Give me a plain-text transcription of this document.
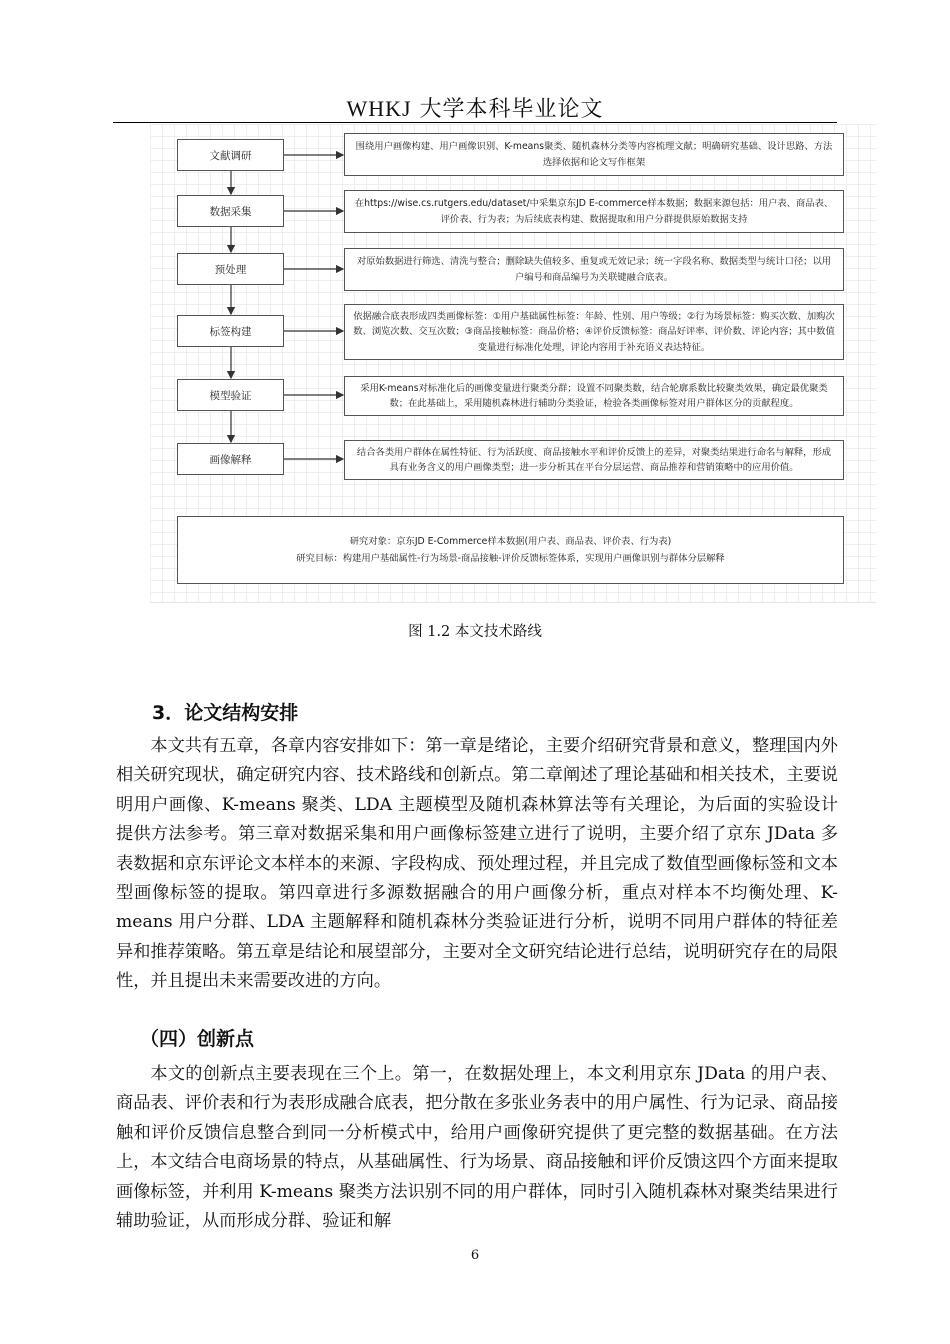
WHKJ 大学本科毕业论文
文献调研
数据采集
预处理
标签构建
模型验证
画像解释
围绕用户画像构建、用户画像识别、K-means聚类、随机森林分类等内容梳理文献；明确研究基础、设计思路、方法选择依据和论文写作框架
在https://wise.cs.rutgers.edu/dataset/中采集京东JD E-commerce样本数据；数据来源包括：用户表、商品表、评价表、行为表；为后续底表构建、数据提取和用户分群提供原始数据支持
对原始数据进行筛选、清洗与整合；删除缺失值较多、重复或无效记录；统一字段名称、数据类型与统计口径；以用户编号和商品编号为关联键融合底表。
依据融合底表形成四类画像标签：①用户基础属性标签：年龄、性别、用户等级；②行为场景标签：购买次数、加购次数、浏览次数、交互次数；③商品接触标签：商品价格；④评价反馈标签：商品好评率、评价数、评论内容；其中数值变量进行标准化处理，评论内容用于补充语义表达特征。
采用K-means对标准化后的画像变量进行聚类分群；设置不同聚类数，结合轮廓系数比较聚类效果，确定最优聚类数；在此基础上，采用随机森林进行辅助分类验证，检验各类画像标签对用户群体区分的贡献程度。
结合各类用户群体在属性特征、行为活跃度、商品接触水平和评价反馈上的差异，对聚类结果进行命名与解释，形成具有业务含义的用户画像类型；进一步分析其在平台分层运营、商品推荐和营销策略中的应用价值。
研究对象：京东JD E-Commerce样本数据(用户表、商品表、评价表、行为表)
研究目标：构建用户基础属性-行为场景-商品接触-评价反馈标签体系，实现用户画像识别与群体分层解释
图 1.2 本文技术路线
3．论文结构安排

本文共有五章，各章内容安排如下：第一章是绪论，主要介绍研究背景和意义，整理国内外相关研究现状，确定研究内容、技术路线和创新点。第二章阐述了理论基础和相关技术，主要说明用户画像、K-means 聚类、LDA 主题模型及随机森林算法等有关理论，为后面的实验设计提供方法参考。第三章对数据采集和用户画像标签建立进行了说明，主要介绍了京东 JData 多表数据和京东评论文本样本的来源、字段构成、预处理过程，并且完成了数值型画像标签和文本型画像标签的提取。第四章进行多源数据融合的用户画像分析，重点对样本不均衡处理、K-means 用户分群、LDA 主题解释和随机森林分类验证进行分析，说明不同用户群体的特征差异和推荐策略。第五章是结论和展望部分，主要对全文研究结论进行总结，说明研究存在的局限性，并且提出未来需要改进的方向。

（四）创新点

本文的创新点主要表现在三个上。第一，在数据处理上，本文利用京东 JData 的用户表、商品表、评价表和行为表形成融合底表，把分散在多张业务表中的用户属性、行为记录、商品接触和评价反馈信息整合到同一分析模式中，给用户画像研究提供了更完整的数据基础。在方法上，本文结合电商场景的特点，从基础属性、行为场景、商品接触和评价反馈这四个方面来提取画像标签，并利用 K-means 聚类方法识别不同的用户群体，同时引入随机森林对聚类结果进行辅助验证，从而形成分群、验证和解

6
